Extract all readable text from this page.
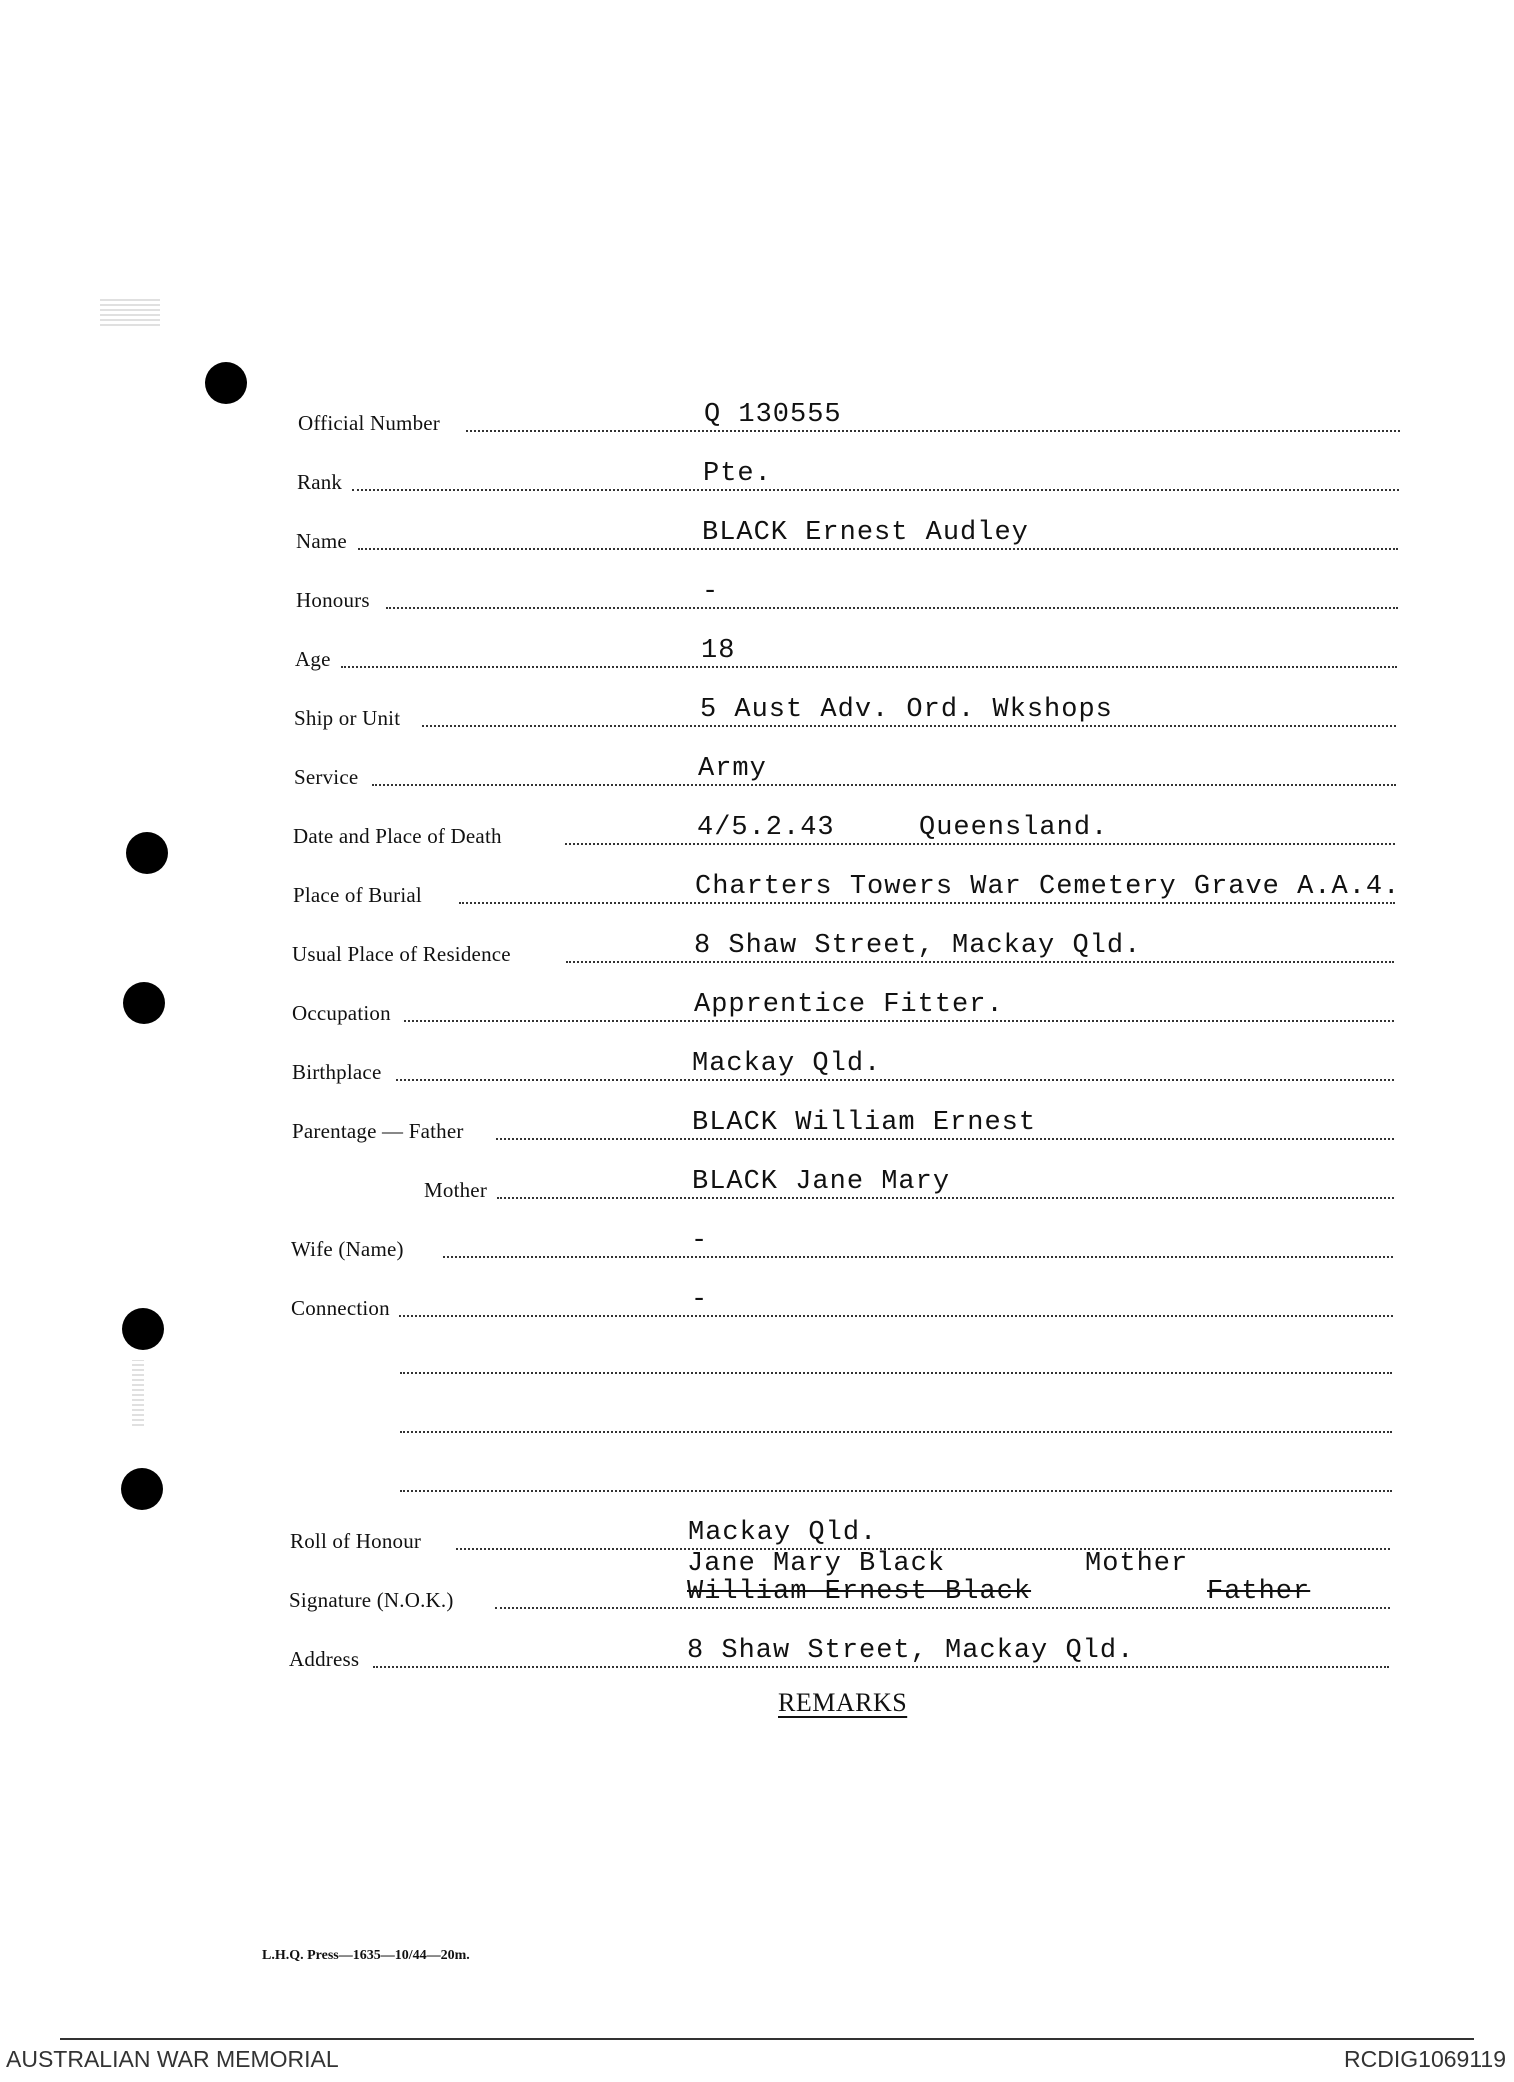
Official Number	Q 130555
Rank	Pte.
Name	BLACK Ernest Audley
Honours	-
Age	18
Ship or Unit	5 Aust Adv. Ord. Wkshops
Service	Army
Date and Place of Death	4/5.2.43	Queensland.
Place of Burial	Charters Towers War Cemetery Grave A.A.4.
Usual Place of Residence	8 Shaw Street, Mackay Qld.
Occupation	Apprentice Fitter.
Birthplace	Mackay Qld.
Parentage — Father	BLACK William Ernest
Mother	BLACK Jane Mary
Wife (Name)	-
Connection	-
Roll of Honour	Mackay Qld.
Signature (N.O.K.)
Jane Mary Black	Mother
William Ernest Black	Father
Address	8 Shaw Street, Mackay Qld.
REMARKS
L.H.Q. Press—1635—10/44—20m.
AUSTRALIAN WAR MEMORIAL	RCDIG1069119
